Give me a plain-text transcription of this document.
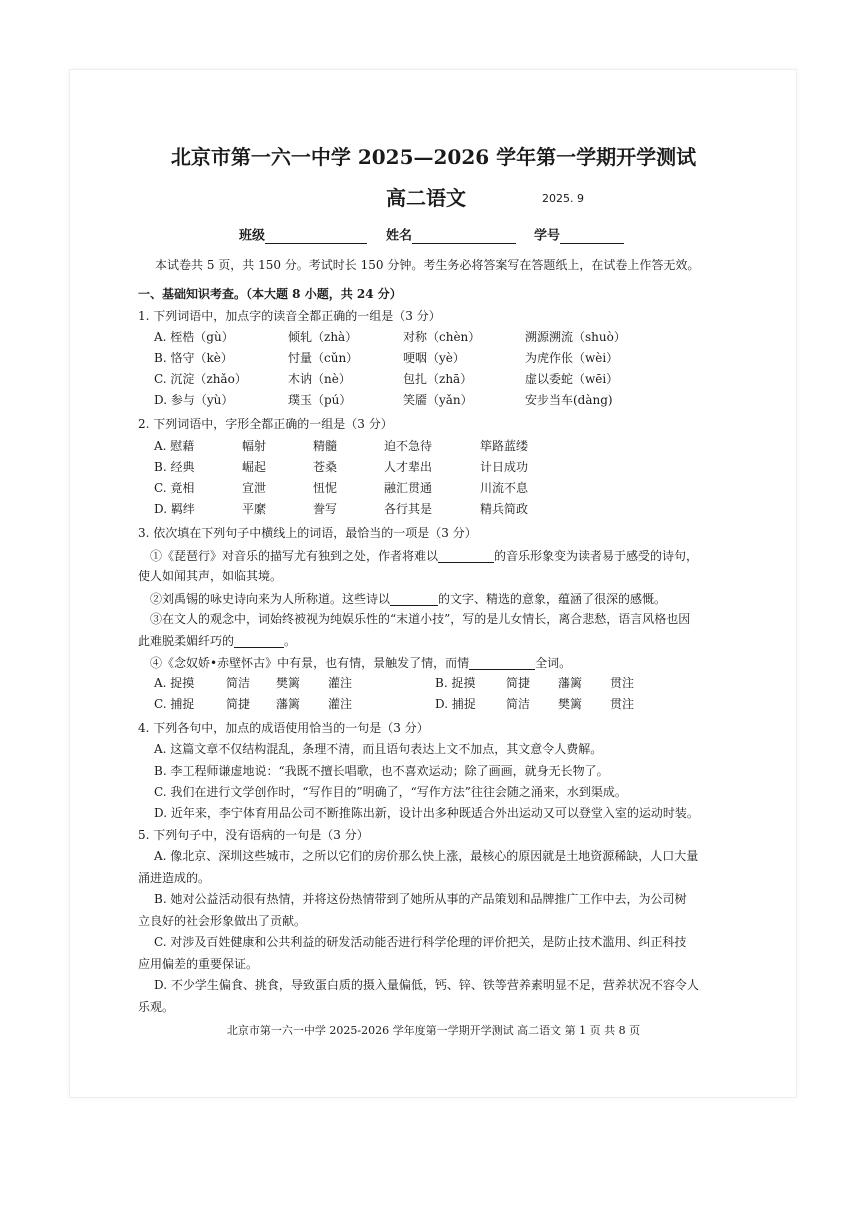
北京市第一六一中学 2025—2026 学年第一学期开学测试
高二语文	2025. 9
班级	姓名	学号
本试卷共 5 页，共 150 分。考试时长 150 分钟。考生务必将答案写在答题纸上，在试卷上作答无效。
一、基础知识考查。（本大题 8 小题，共 24 分）
1. 下列词语中，加点字的读音全都正确的一组是（3 分）
A. 桎梏（gù）	倾轧（zhà）	对称（chèn）	溯源溯流（shuò）
B. 恪守（kè）	忖量（cǔn）	哽咽（yè）	为虎作伥（wèi）
C. 沉淀（zhǎo）	木讷（nè）	包扎（zhā）	虚以委蛇（wēi）
D. 参与（yù）	璞玉（pú）	笑靥（yǎn）	安步当车(dàng)
2. 下列词语中，字形全都正确的一组是（3 分）
A. 慰藉	幅射	精髓	迫不急待	筚路蓝缕
B. 经典	崛起	苍桑	人才辈出	计日成功
C. 竟相	宣泄	忸怩	融汇贯通	川流不息
D. 羁绊	平縻	誊写	各行其是	精兵简政
3. 依次填在下列句子中横线上的词语，最恰当的一项是（3 分）
①《琵琶行》对音乐的描写尤有独到之处，作者将难以	的音乐形象变为读者易于感受的诗句，
使人如闻其声，如临其境。
②刘禹锡的咏史诗向来为人所称道。这些诗以	的文字、精选的意象，蕴涵了很深的感慨。
③在文人的观念中，词始终被视为纯娱乐性的“末道小技”，写的是儿女情长，离合悲愁，语言风格也因
此难脱柔媚纤巧的	。
④《念奴娇•赤壁怀古》中有景，也有情，景触发了情，而情	全词。
A. 捉摸	简洁 樊篱 灌注	B. 捉摸	简捷 藩篱 贯注
C. 捕捉	简捷 藩篱 灌注	D. 捕捉	简洁 樊篱 贯注
4. 下列各句中，加点的成语使用恰当的一句是（3 分）
A. 这篇文章不仅结构混乱，条理不清，而且语句表达上文不加点，其文意令人费解。
B. 李工程师谦虚地说：“我既不擅长唱歌，也不喜欢运动；除了画画，就身无长物了。
C. 我们在进行文学创作时，“写作目的”明确了，“写作方法”往往会随之涌来，水到渠成。
D. 近年来，李宁体育用品公司不断推陈出新，设计出多种既适合外出运动又可以登堂入室的运动时装。
5. 下列句子中，没有语病的一句是（3 分）
A. 像北京、深圳这些城市，之所以它们的房价那么快上涨，最核心的原因就是土地资源稀缺，人口大量
涌进造成的。
B. 她对公益活动很有热情，并将这份热情带到了她所从事的产品策划和品牌推广工作中去，为公司树
立良好的社会形象做出了贡献。
C. 对涉及百姓健康和公共利益的研发活动能否进行科学伦理的评价把关，是防止技术滥用、纠正科技
应用偏差的重要保证。
D. 不少学生偏食、挑食，导致蛋白质的摄入量偏低，钙、锌、铁等营养素明显不足，营养状况不容令人
乐观。
北京市第一六一中学 2025-2026 学年度第一学期开学测试 高二语文 第 1 页 共 8 页
